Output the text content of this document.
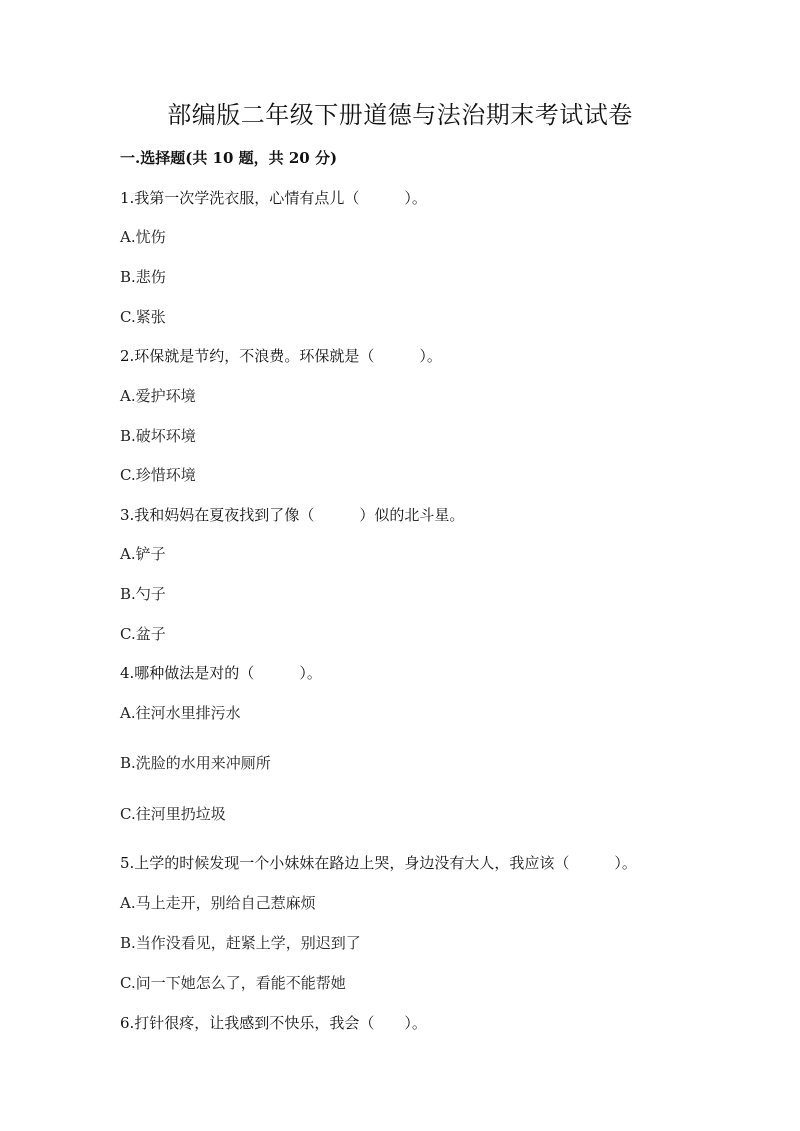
部编版二年级下册道德与法治期末考试试卷
一.选择题(共 10 题，共 20 分)
1.我第一次学洗衣服，心情有点儿（　　　）。
A.忧伤
B.悲伤
C.紧张
2.环保就是节约，不浪费。环保就是（　　　）。
A.爱护环境
B.破坏环境
C.珍惜环境
3.我和妈妈在夏夜找到了像（　　　）似的北斗星。
A.铲子
B.勺子
C.盆子
4.哪种做法是对的（　　　）。
A.往河水里排污水
B.洗脸的水用来冲厕所
C.往河里扔垃圾
5.上学的时候发现一个小妹妹在路边上哭，身边没有大人，我应该（　　　）。
A.马上走开，别给自己惹麻烦
B.当作没看见，赶紧上学，别迟到了
C.问一下她怎么了，看能不能帮她
6.打针很疼，让我感到不快乐，我会（　　）。
